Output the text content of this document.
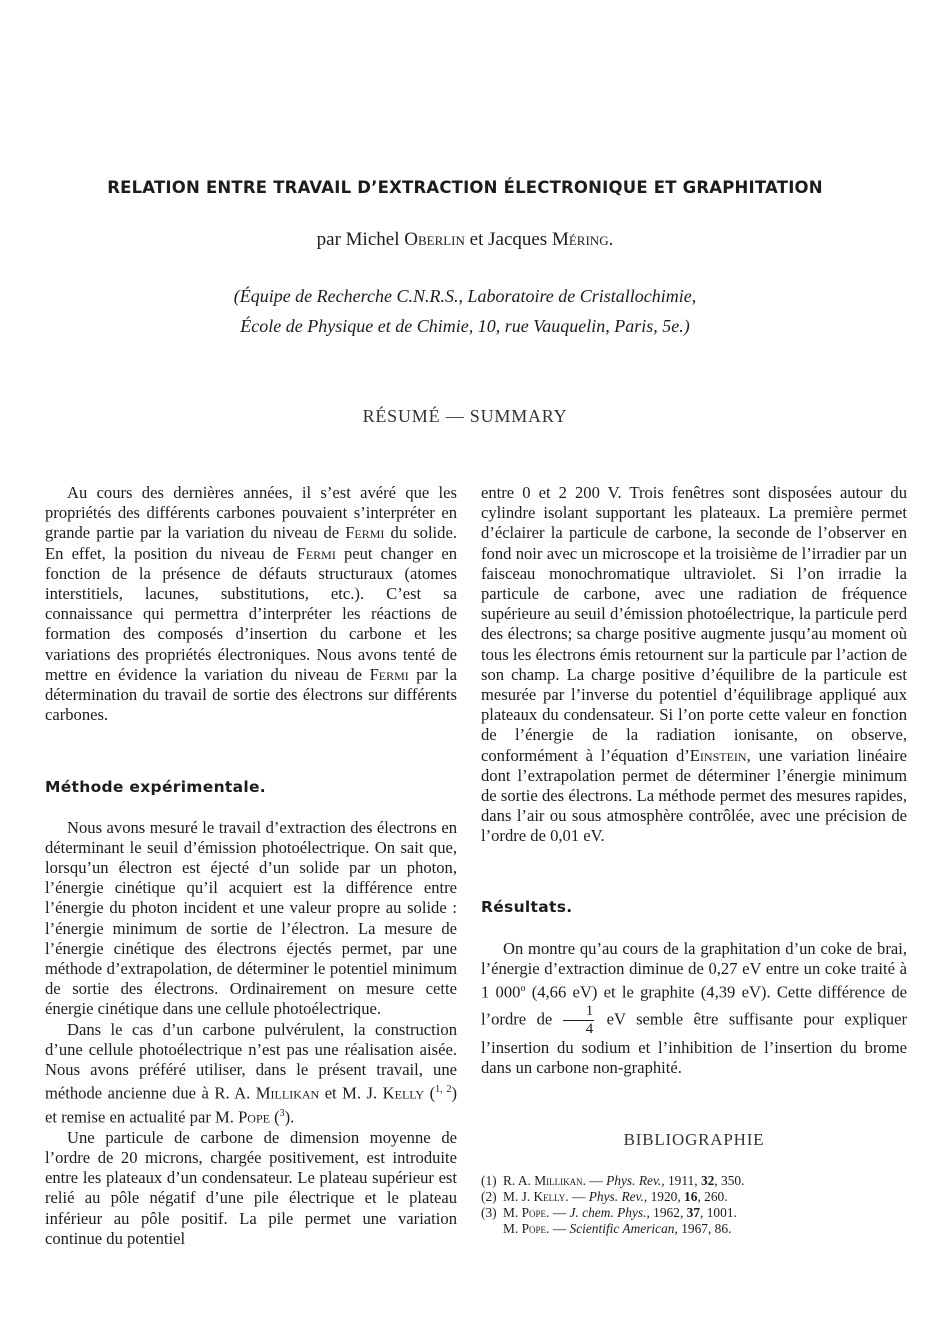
RELATION ENTRE TRAVAIL D’EXTRACTION ÉLECTRONIQUE ET GRAPHITATION
par Michel Oberlin et Jacques Méring.
(Équipe de Recherche C.N.R.S., Laboratoire de Cristallochimie,
École de Physique et de Chimie, 10, rue Vauquelin, Paris, 5e.)
RÉSUMÉ — SUMMARY

Au cours des dernières années, il s’est avéré que les propriétés des différents carbones pouvaient s’interpréter en grande partie par la variation du niveau de Fermi du solide. En effet, la position du niveau de Fermi peut changer en fonction de la présence de défauts structuraux (atomes interstitiels, lacunes, substitutions, etc.). C’est sa connaissance qui permettra d’interpréter les réactions de formation des composés d’insertion du carbone et les variations des propriétés électroniques. Nous avons tenté de mettre en évidence la variation du niveau de Fermi par la détermination du travail de sortie des électrons sur différents carbones.

Méthode expérimentale.

Nous avons mesuré le travail d’extraction des électrons en déterminant le seuil d’émission photoélectrique. On sait que, lorsqu’un électron est éjecté d’un solide par un photon, l’énergie cinétique qu’il acquiert est la différence entre l’énergie du photon incident et une valeur propre au solide : l’énergie minimum de sortie de l’électron. La mesure de l’énergie cinétique des électrons éjectés permet, par une méthode d’extrapolation, de déterminer le potentiel minimum de sortie des électrons. Ordinairement on mesure cette énergie cinétique dans une cellule photoélectrique.

Dans le cas d’un carbone pulvérulent, la construction d’une cellule photoélectrique n’est pas une réalisation aisée. Nous avons préféré utiliser, dans le présent travail, une méthode ancienne due à R. A. Millikan et M. J. Kelly ($^{1, 2}$) et remise en actualité par M. Pope ($^3$).

Une particule de carbone de dimension moyenne de l’ordre de 20 microns, chargée positivement, est introduite entre les plateaux d’un condensateur. Le plateau supérieur est relié au pôle négatif d’une pile électrique et le plateau inférieur au pôle positif. La pile permet une variation continue du potentiel

entre 0 et 2 200 V. Trois fenêtres sont disposées autour du cylindre isolant supportant les plateaux. La première permet d’éclairer la particule de carbone, la seconde de l’observer en fond noir avec un microscope et la troisième de l’irradier par un faisceau monochromatique ultraviolet. Si l’on irradie la particule de carbone, avec une radiation de fréquence supérieure au seuil d’émission photoélectrique, la particule perd des électrons; sa charge positive augmente jusqu’au moment où tous les électrons émis retournent sur la particule par l’action de son champ. La charge positive d’équilibre de la particule est mesurée par l’inverse du potentiel d’équilibrage appliqué aux plateaux du condensateur. Si l’on porte cette valeur en fonction de l’énergie de la radiation ionisante, on observe, conformément à l’équation d’Einstein, une variation linéaire dont l’extrapolation permet de déterminer l’énergie minimum de sortie des électrons. La méthode permet des mesures rapides, dans l’air ou sous atmosphère contrôlée, avec une précision de l’ordre de 0,01 eV.

Résultats.

On montre qu’au cours de la graphitation d’un coke de brai, l’énergie d’extraction diminue de 0,27 eV entre un coke traité à 1 000$^o$ (4,66 eV) et le graphite (4,39 eV). Cette différence de l’ordre de $\frac{1}{4}$ eV semble être suffisante pour expliquer l’insertion du sodium et l’inhibition de l’insertion du brome dans un carbone non-graphité.

BIBLIOGRAPHIE

(1) R. A. Millikan. — Phys. Rev., 1911, 32, 350.
(2) M. J. Kelly. — Phys. Rev., 1920, 16, 260.
(3) M. Pope. — J. chem. Phys., 1962, 37, 1001.
M. Pope. — Scientific American, 1967, 86.
